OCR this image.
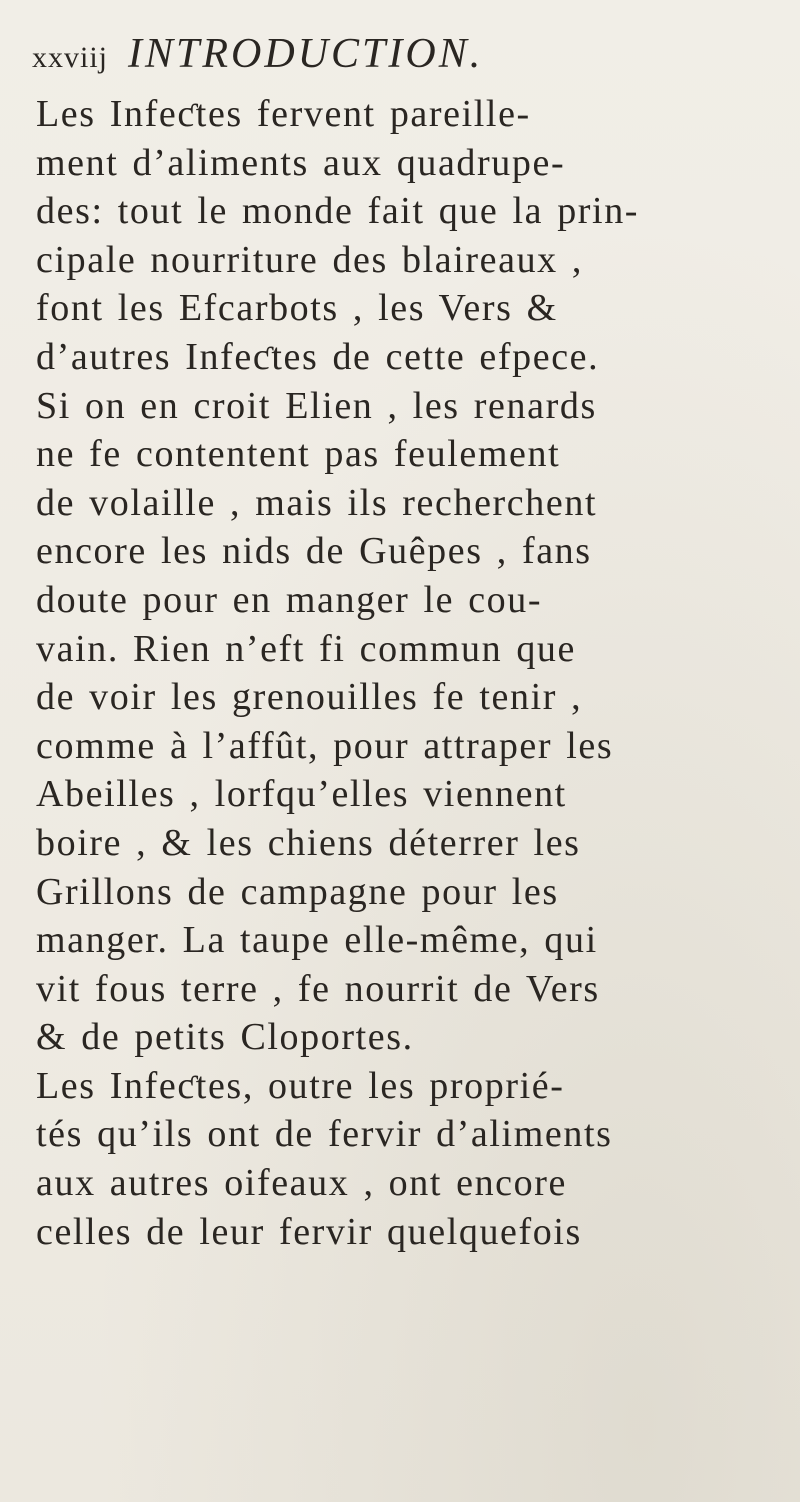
xxviij INTRODUCTION.
Les Infeƈtes fervent pareille-
ment d’aliments aux quadrupe-
des: tout le monde fait que la prin-
cipale nourriture des blaireaux ,
font les Efcarbots , les Vers &
d’autres Infeƈtes de cette efpece.
Si on en croit Elien , les renards
ne fe contentent pas feulement
de volaille , mais ils recherchent
encore les nids de Guêpes , fans
doute pour en manger le cou-
vain. Rien n’eft fi commun que
de voir les grenouilles fe tenir ,
comme à l’affût, pour attraper les
Abeilles , lorfqu’elles viennent
boire , & les chiens déterrer les
Grillons de campagne pour les
manger. La taupe elle-même, qui
vit fous terre , fe nourrit de Vers
& de petits Cloportes.
Les Infeƈtes, outre les proprié-
tés qu’ils ont de fervir d’aliments
aux autres oifeaux , ont encore
celles de leur fervir quelquefois
